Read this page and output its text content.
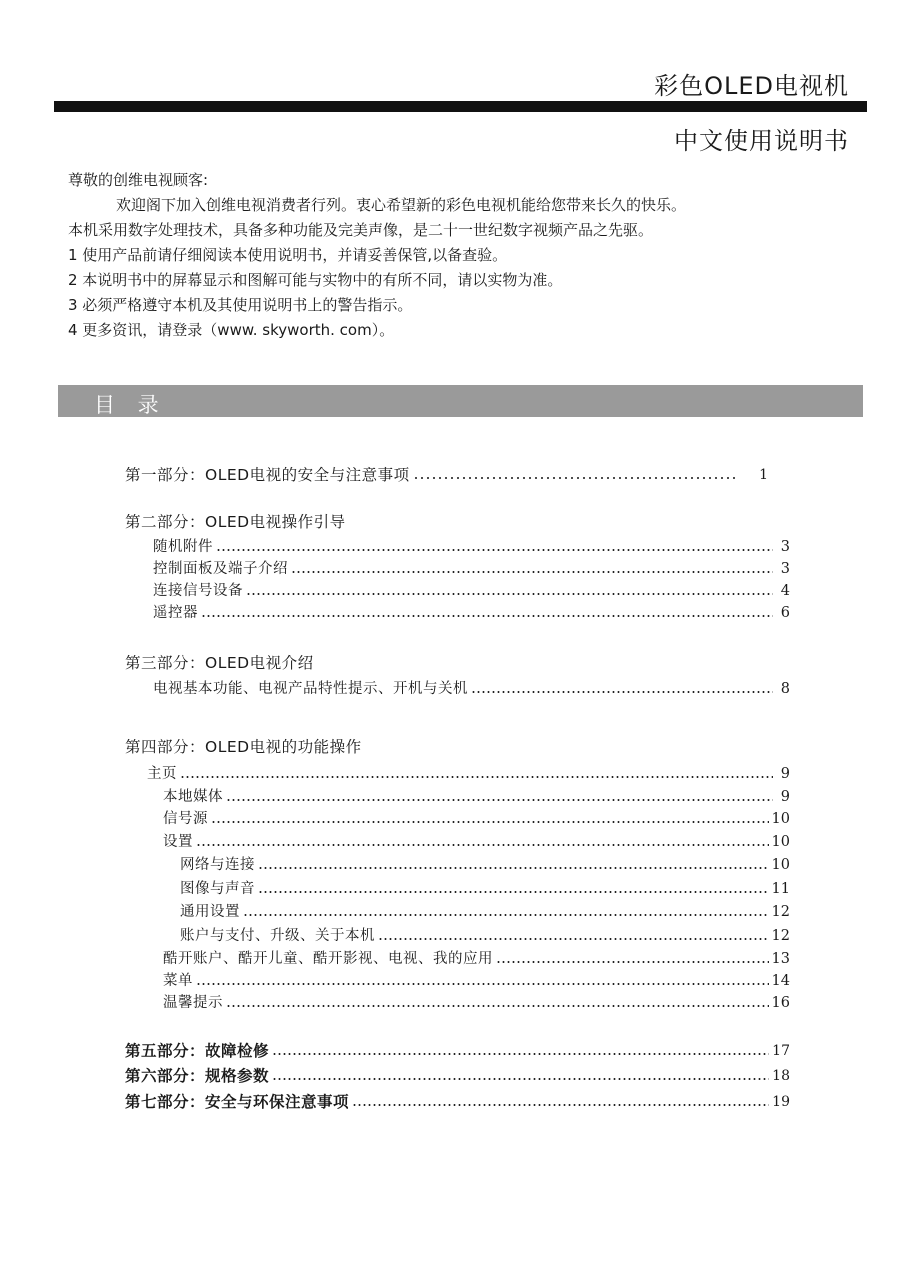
彩色OLED电视机
中文使用说明书

尊敬的创维电视顾客:

欢迎阁下加入创维电视消费者行列。衷心希望新的彩色电视机能给您带来长久的快乐。

本机采用数字处理技术，具备多种功能及完美声像，是二十一世纪数字视频产品之先驱。

1 使用产品前请仔细阅读本使用说明书，并请妥善保管,以备查验。

2 本说明书中的屏幕显示和图解可能与实物中的有所不同，请以实物为准。

3 必须严格遵守本机及其使用说明书上的警告指示。

4 更多资讯，请登录（www. skyworth. com）。

目 录
第一部分：OLED电视的安全与注意事项	1
第二部分：OLED电视操作引导
随机附件	3
控制面板及端子介绍	3
连接信号设备	4
遥控器	6
第三部分：OLED电视介绍
电视基本功能、电视产品特性提示、开机与关机	8
第四部分：OLED电视的功能操作
主页	9
本地媒体	9
信号源	10
设置	10
网络与连接	10
图像与声音	11
通用设置	12
账户与支付、升级、关于本机	12
酷开账户、酷开儿童、酷开影视、电视、我的应用	13
菜单	14
温馨提示	16
第五部分：故障检修	17
第六部分：规格参数	18
第七部分：安全与环保注意事项	19
